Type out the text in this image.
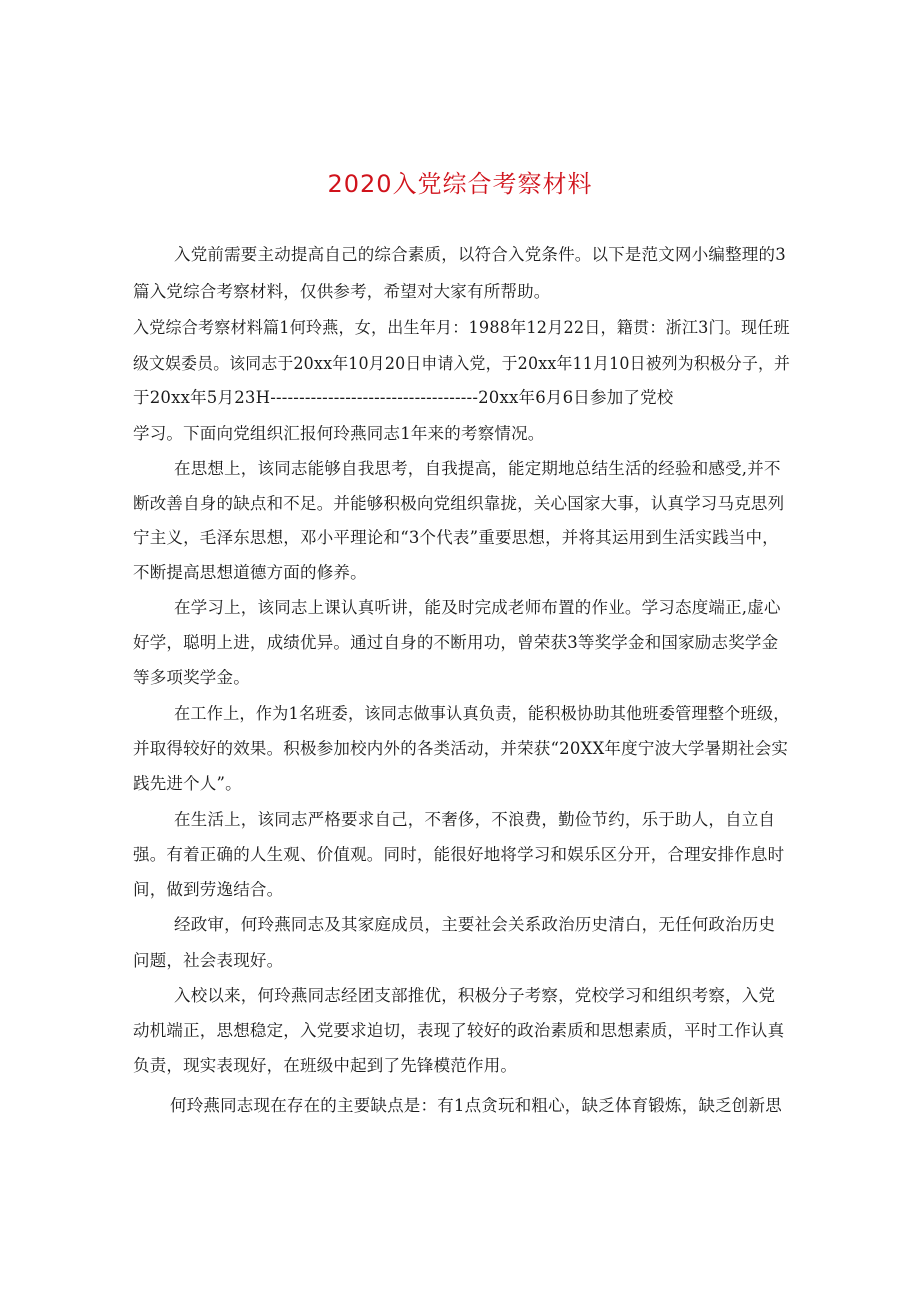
2020入党综合考察材料
入党前需要主动提高自己的综合素质，以符合入党条件。以下是范文网小编整理的3
篇入党综合考察材料，仅供参考，希望对大家有所帮助。
入党综合考察材料篇1何玲燕，女，出生年月：1988年12月22日，籍贯：浙江3门。现任班
级文娱委员。该同志于20xx年10月20日申请入党，于20xx年11月10日被列为积极分子，并
于20xx年5月23H------------------------------------20xx年6月6日参加了党校
学习。下面向党组织汇报何玲燕同志1年来的考察情况。
在思想上，该同志能够自我思考，自我提高，能定期地总结生活的经验和感受,并不
断改善自身的缺点和不足。并能够积极向党组织靠拢，关心国家大事，认真学习马克思列
宁主义，毛泽东思想，邓小平理论和“3个代表”重要思想，并将其运用到生活实践当中，
不断提高思想道德方面的修养。
在学习上，该同志上课认真听讲，能及时完成老师布置的作业。学习态度端正,虚心
好学，聪明上进，成绩优异。通过自身的不断用功，曾荣获3等奖学金和国家励志奖学金
等多项奖学金。
在工作上，作为1名班委，该同志做事认真负责，能积极协助其他班委管理整个班级，
并取得较好的效果。积极参加校内外的各类活动，并荣获“20XX年度宁波大学暑期社会实
践先进个人”。
在生活上，该同志严格要求自己，不奢侈，不浪费，勤俭节约，乐于助人，自立自
强。有着正确的人生观、价值观。同时，能很好地将学习和娱乐区分开，合理安排作息时
间，做到劳逸结合。
经政审，何玲燕同志及其家庭成员，主要社会关系政治历史清白，无任何政治历史
问题，社会表现好。
入校以来，何玲燕同志经团支部推优，积极分子考察，党校学习和组织考察，入党
动机端正，思想稳定，入党要求迫切，表现了较好的政治素质和思想素质，平时工作认真
负责，现实表现好，在班级中起到了先锋模范作用。
何玲燕同志现在存在的主要缺点是：有1点贪玩和粗心，缺乏体育锻炼，缺乏创新思
